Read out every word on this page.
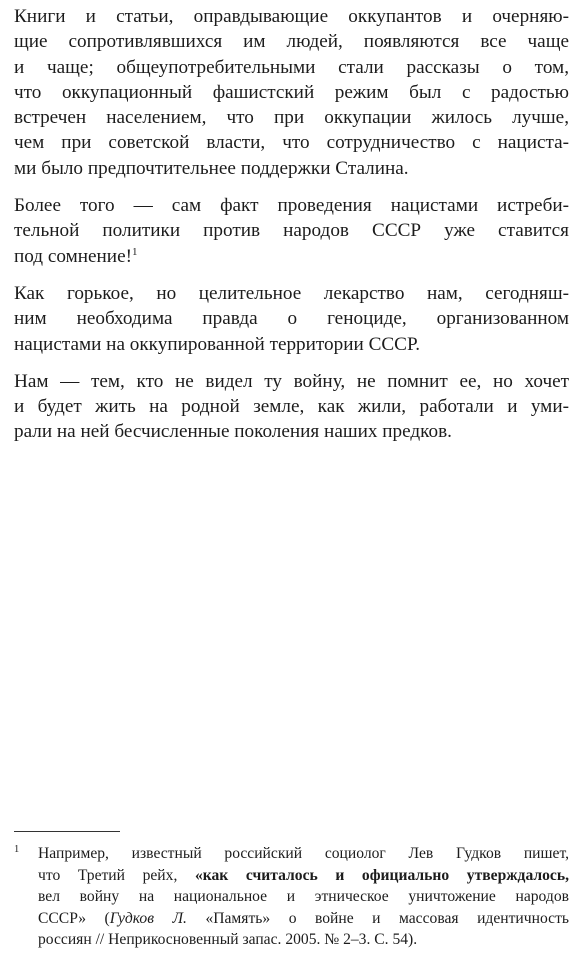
Книги и статьи, оправдывающие оккупантов и очерняю-
щие сопротивлявшихся им людей, появляются все чаще
и чаще; общеупотребительными стали рассказы о том,
что оккупационный фашистский режим был с радостью
встречен населением, что при оккупации жилось лучше,
чем при советской власти, что сотрудничество с нациста-
ми было предпочтительнее поддержки Сталина.

Более того — сам факт проведения нацистами истреби-
тельной политики против народов СССР уже ставится
под сомнение!$^1$

Как горькое, но целительное лекарство нам, сегодняш-
ним необходима правда о геноциде, организованном
нацистами на оккупированной территории СССР.

Нам — тем, кто не видел ту войну, не помнит ее, но хочет
и будет жить на родной земле, как жили, работали и уми-
рали на ней бесчисленные поколения наших предков.

1 Например, известный российский социолог Лев Гудков пишет,
что Третий рейх, «как считалось и официально утверждалось,
вел войну на национальное и этническое уничтожение народов
СССР» (Гудков Л. «Память» о войне и массовая идентичность
россиян // Неприкосновенный запас. 2005. № 2–3. С. 54).
